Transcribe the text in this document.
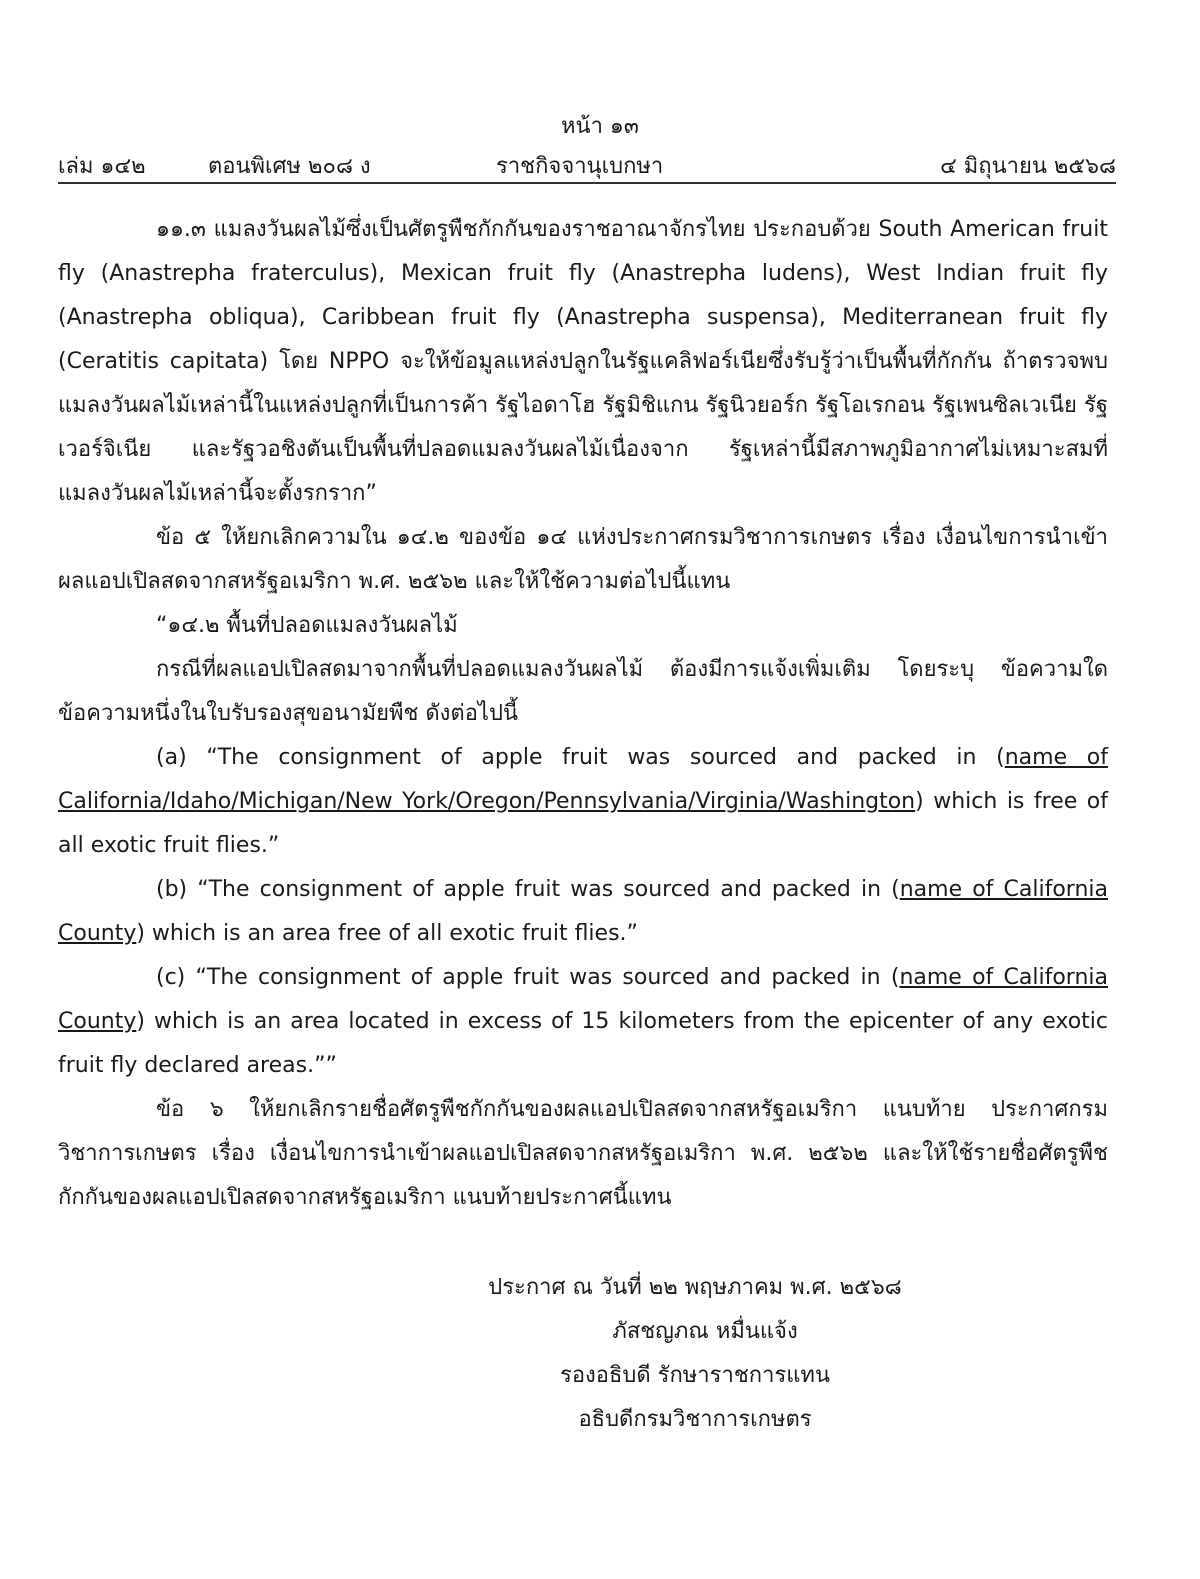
หน้า ๑๓
เล่ม ๑๔๒	ตอนพิเศษ ๒๐๘ ง	ราชกิจจานุเบกษา	๔ มิถุนายน ๒๕๖๘

๑๑.๓ แมลงวันผลไม้ซึ่งเป็นศัตรูพืชกักกันของราชอาณาจักรไทย ประกอบด้วย South American fruit fly (Anastrepha fraterculus), Mexican fruit fly (Anastrepha ludens), West Indian fruit fly (Anastrepha obliqua), Caribbean fruit fly (Anastrepha suspensa), Mediterranean fruit fly (Ceratitis capitata) โดย NPPO จะให้ข้อมูลแหล่งปลูกในรัฐแคลิฟอร์เนียซึ่งรับรู้ว่าเป็นพื้นที่กักกัน ถ้าตรวจพบแมลงวันผลไม้เหล่านี้ในแหล่งปลูกที่เป็นการค้า รัฐไอดาโฮ รัฐมิชิแกน รัฐนิวยอร์ก รัฐโอเรกอน รัฐเพนซิลเวเนีย รัฐเวอร์จิเนีย และรัฐวอชิงตันเป็นพื้นที่ปลอดแมลงวันผลไม้เนื่องจาก รัฐเหล่านี้มีสภาพภูมิอากาศไม่เหมาะสมที่แมลงวันผลไม้เหล่านี้จะตั้งรกราก”

ข้อ ๕ ให้ยกเลิกความใน ๑๔.๒ ของข้อ ๑๔ แห่งประกาศกรมวิชาการเกษตร เรื่อง เงื่อนไขการนำเข้าผลแอปเปิลสดจากสหรัฐอเมริกา พ.ศ. ๒๕๖๒ และให้ใช้ความต่อไปนี้แทน

“๑๔.๒ พื้นที่ปลอดแมลงวันผลไม้

กรณีที่ผลแอปเปิลสดมาจากพื้นที่ปลอดแมลงวันผลไม้ ต้องมีการแจ้งเพิ่มเติม โดยระบุ ข้อความใดข้อความหนึ่งในใบรับรองสุขอนามัยพืช ดังต่อไปนี้

(a) “The consignment of apple fruit was sourced and packed in (name of California/Idaho/Michigan/New York/Oregon/Pennsylvania/Virginia/Washington) which is free of all exotic fruit flies.”

(b) “The consignment of apple fruit was sourced and packed in (name of California County) which is an area free of all exotic fruit flies.”

(c) “The consignment of apple fruit was sourced and packed in (name of California County) which is an area located in excess of 15 kilometers from the epicenter of any exotic fruit fly declared areas.””

ข้อ ๖ ให้ยกเลิกรายชื่อศัตรูพืชกักกันของผลแอปเปิลสดจากสหรัฐอเมริกา แนบท้าย ประกาศกรมวิชาการเกษตร เรื่อง เงื่อนไขการนำเข้าผลแอปเปิลสดจากสหรัฐอเมริกา พ.ศ. ๒๕๖๒ และให้ใช้รายชื่อศัตรูพืชกักกันของผลแอปเปิลสดจากสหรัฐอเมริกา แนบท้ายประกาศนี้แทน

ประกาศ ณ วันที่ ๒๒ พฤษภาคม พ.ศ. ๒๕๖๘
ภัสชญภณ หมื่นแจ้ง
รองอธิบดี รักษาราชการแทน
อธิบดีกรมวิชาการเกษตร
